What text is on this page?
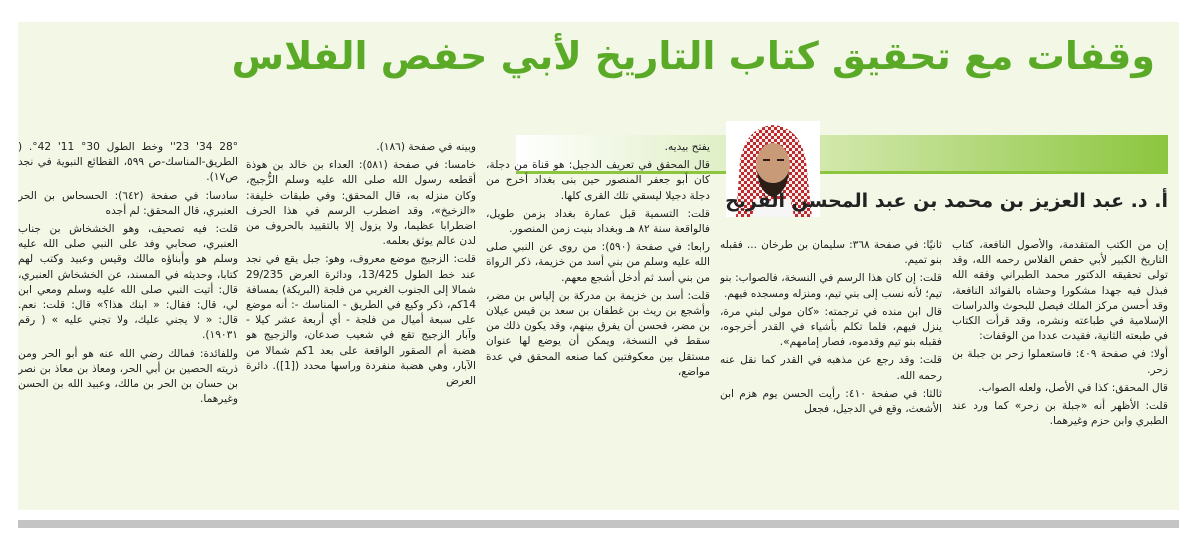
وقفات مع تحقيق كتاب التاريخ لأبي حفص الفلاس
أ. د. عبد العزيز بن محمد بن عبد المحسن الفريح

إن من الكتب المتقدمة، والأصول النافعة، كتاب التاريخ الكبير لأبي حفص الفلاس رحمه الله، وقد تولى تحقيقه الدكتور محمد الطبراني وفقه الله فبذل فيه جهدا مشكورا وحشاه بالفوائد النافعة، وقد أحسن مركز الملك فيصل للبحوث والدراسات الإسلامية في طباعته ونشره، وقد قرأت الكتاب في طبعته الثانية، فقيدت عددا من الوقفات:

أولا: في صفحة ٤٠٩: فاستعملوا زحر بن جبلة بن زحر.

قال المحقق: كذا في الأصل، ولعله الصواب.

قلت: الأظهر أنه «جبلة بن زحر» كما ورد عند الطبري وابن حزم وغيرهما.

ثانيًا: في صفحة ٣٦٨: سليمان بن طرخان ... فقبله بنو تميم.

قلت: إن كان هذا الرسم في النسخة، فالصواب: بنو تيم؛ لأنه نسب إلى بني تيم، ومنزله ومسجده فيهم.

قال ابن منده في ترجمته: «كان مولى لبني مرة، ينزل فيهم، فلما تكلم بأشياء في القدر أخرجوه، فقبله بنو تيم وقدموه، فصار إمامهم».

قلت: وقد رجع عن مذهبه في القدر كما نقل عنه رحمه الله.

ثالثا: في صفحة ٤١٠: رأيت الحسن يوم هزم ابن الأشعث، وقع في الدجيل، فجعل

يفتح بيديه.

قال المحقق في تعريف الدجيل: هو قناة من دجلة، كان أبو جعفر المنصور حين بنى بغداد أخرج من دجلة دجيلا ليسقي تلك القرى كلها.

قلت: التسمية قبل عمارة بغداد بزمن طويل، فالواقعة سنة ٨٢ هـ وبغداد بنيت زمن المنصور.

رابعا: في صفحة (٥٩٠): من روى عن النبي صلى الله عليه وسلم من بني أسد من خزيمة، ذكر الرواة من بني أسد ثم أدخل أشجع معهم.

قلت: أسد بن خزيمة بن مدركة بن إلياس بن مضر، وأشجع بن ريث بن غطفان بن سعد بن قيس عيلان بن مضر، فحسن أن يفرق بينهم، وقد يكون ذلك من سقط في النسخة، ويمكن أن يوضع لها عنوان مستقل بين معكوفتين كما صنعه المحقق في عدة مواضع،

وبينه في صفحة (١٨٦).

خامسا: في صفحة (٥٨١): العداء بن خالد بن هوذة أقطعه رسول الله صلى الله عليه وسلم الزُّجيج، وكان منزله به، قال المحقق: وفي طبقات خليفة: «الزخيخ»، وقد اضطرب الرسم في هذا الحرف اضطرابا عظيما، ولا يزول إلا بالتقييد بالحروف من لدن عالم يوثق بعلمه.

قلت: الزجيج موضع معروف، وهو: جبل يقع في نجد عند خط الطول 13/425، ودائرة العرض 29/235 شمالا إلى الجنوب الغربي من فلجة (البريكة) بمسافة 14كم، ذكر وكيع في الطريق - المناسك -: أنه موضع على سبعة أميال من فلجة - أي أربعة عشر كيلا - وآبار الزجيج تقع في شعيب صدعان، والزجيج هو هضبة أم الصقور الواقعة على بعد 1كم شمالا من الآبار، وهي هضبة منفردة وراسها محدد ([1]). دائرة العرض

28° 34' 23'' وخط الطول 30° 11' 42°. ( الطريق-المناسك-ص ٥٩٩، القطائع النبوية في نجد ص١٧).

سادسا: في صفحة (٦٤٢): الحسحاس بن الحر العنبري، قال المحقق: لم أجده

قلت: فيه تصحيف، وهو الخشخاش بن جناب العنبري، صحابي وفد على النبي صلى الله عليه وسلم هو وأبناؤه مالك وقيس وعبيد وكتب لهم كتابا، وحديثه في المسند، عن الخشخاش العنبري، قال: أتيت النبي صلى الله عليه وسلم ومعي ابن لي، قال: فقال: « ابنك هذا؟» قال: قلت: نعم. قال: « لا يجني عليك، ولا تجني عليه » ( رقم ١٩٠٣١).

وللفائدة: فمالك رضي الله عنه هو أبو الحر ومن ذريته الحصين بن أبي الحر، ومعاذ بن معاذ بن نصر بن حسان بن الحر بن مالك، وعبيد الله بن الحسن وغيرهما.
